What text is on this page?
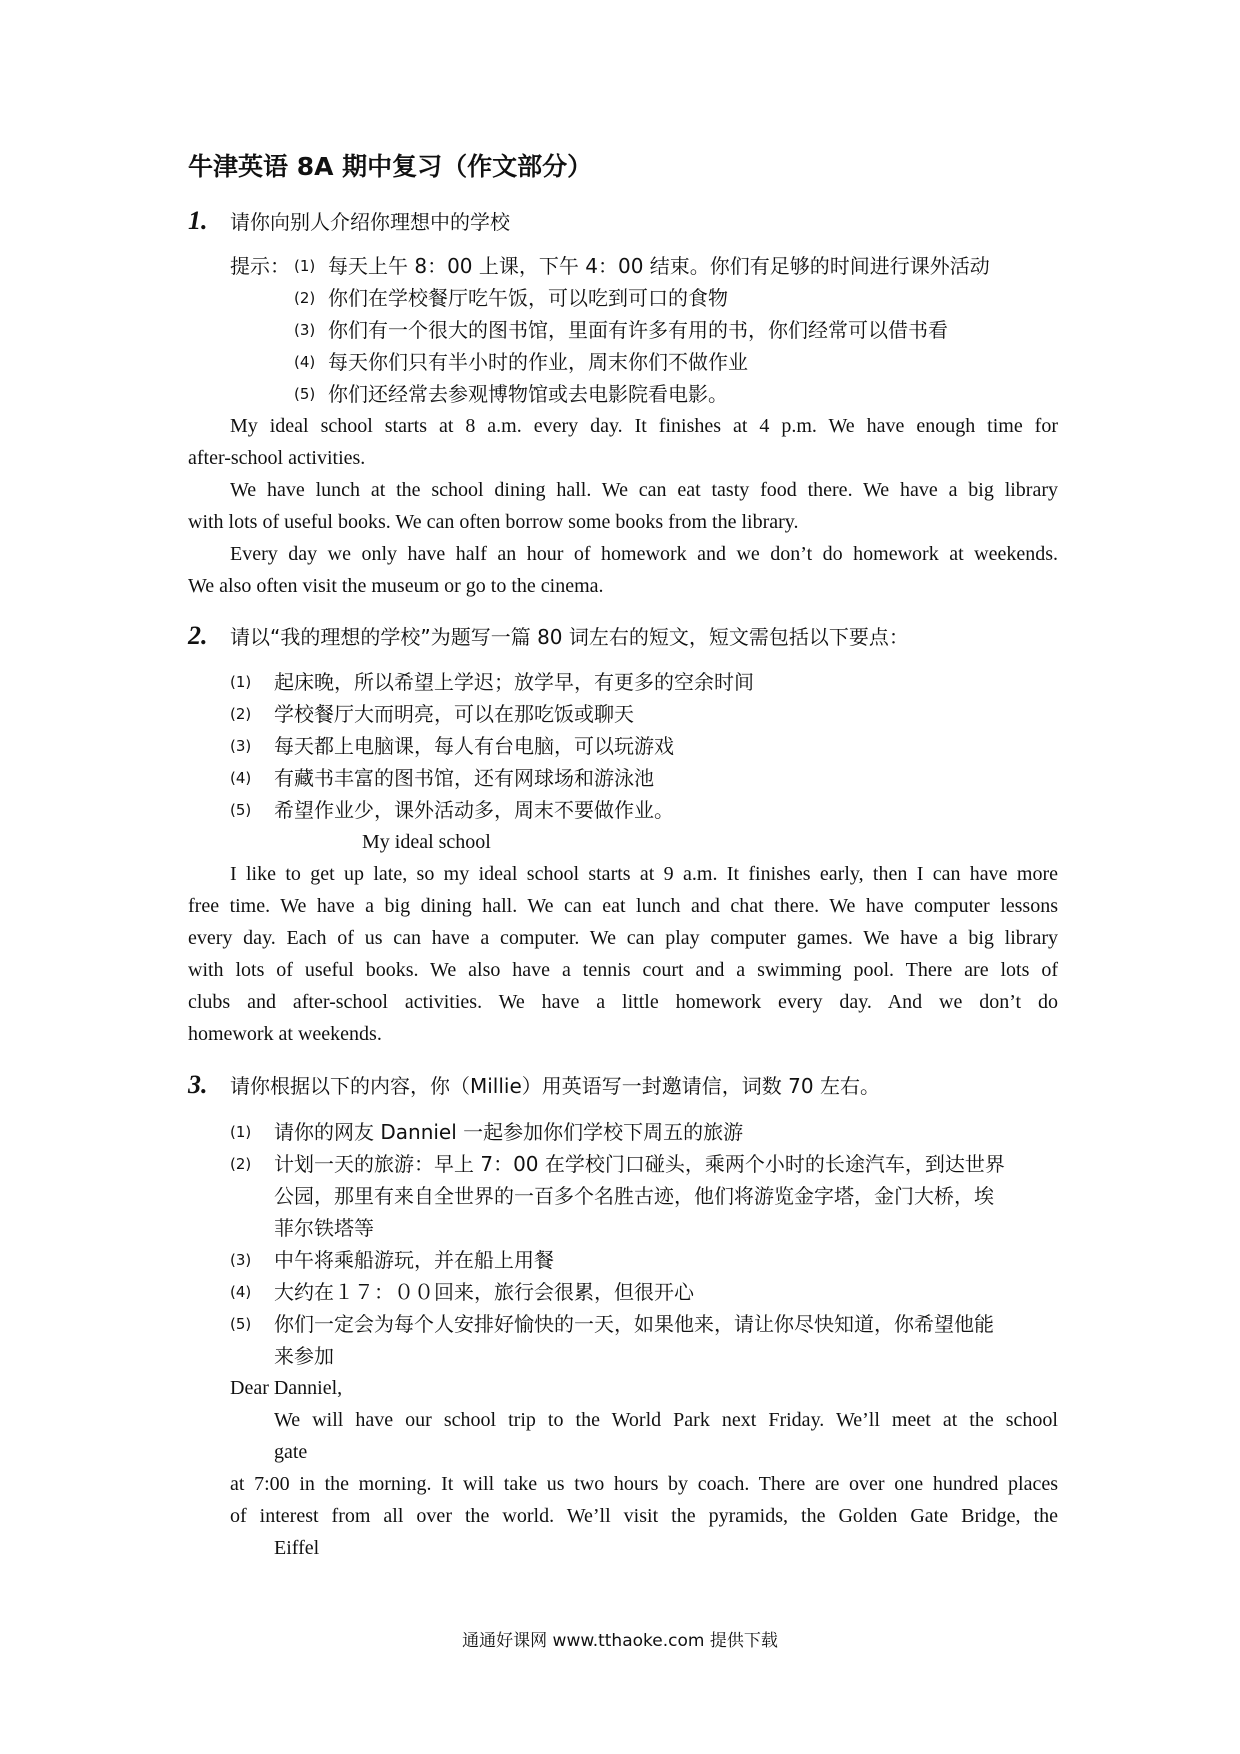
牛津英语 8A 期中复习（作文部分）
1. 请你向别人介绍你理想中的学校
提示： (1) 每天上午 8：00 上课，下午 4：00 结束。你们有足够的时间进行课外活动
(2) 你们在学校餐厅吃午饭，可以吃到可口的食物
(3) 你们有一个很大的图书馆，里面有许多有用的书，你们经常可以借书看
(4) 每天你们只有半小时的作业，周末你们不做作业
(5) 你们还经常去参观博物馆或去电影院看电影。
My ideal school starts at 8 a.m. every day. It finishes at 4 p.m. We have enough time for
after-school activities.
We have lunch at the school dining hall. We can eat tasty food there. We have a big library
with lots of useful books. We can often borrow some books from the library.
Every day we only have half an hour of homework and we don’t do homework at weekends.
We also often visit the museum or go to the cinema.
2. 请以“我的理想的学校”为题写一篇 80 词左右的短文，短文需包括以下要点：
(1) 起床晚，所以希望上学迟；放学早，有更多的空余时间
(2) 学校餐厅大而明亮，可以在那吃饭或聊天
(3) 每天都上电脑课，每人有台电脑，可以玩游戏
(4) 有藏书丰富的图书馆，还有网球场和游泳池
(5) 希望作业少，课外活动多，周末不要做作业。
My ideal school
I like to get up late, so my ideal school starts at 9 a.m. It finishes early, then I can have more
free time. We have a big dining hall. We can eat lunch and chat there. We have computer lessons
every day. Each of us can have a computer. We can play computer games. We have a big library
with lots of useful books. We also have a tennis court and a swimming pool. There are lots of
clubs and after-school activities. We have a little homework every day. And we don’t do
homework at weekends.
3. 请你根据以下的内容，你（Millie）用英语写一封邀请信，词数 70 左右。
(1) 请你的网友 Danniel 一起参加你们学校下周五的旅游
(2) 计划一天的旅游：早上 7：00 在学校门口碰头，乘两个小时的长途汽车，到达世界
公园，那里有来自全世界的一百多个名胜古迹，他们将游览金字塔，金门大桥，埃
菲尔铁塔等
(3) 中午将乘船游玩，并在船上用餐
(4) 大约在１７：００回来，旅行会很累，但很开心
(5) 你们一定会为每个人安排好愉快的一天，如果他来，请让你尽快知道，你希望他能
来参加
Dear Danniel,
We will have our school trip to the World Park next Friday. We’ll meet at the school
gate
at 7:00 in the morning. It will take us two hours by coach. There are over one hundred places
of interest from all over the world. We’ll visit the pyramids, the Golden Gate Bridge, the
Eiffel
通通好课网 www.tthaoke.com 提供下载
